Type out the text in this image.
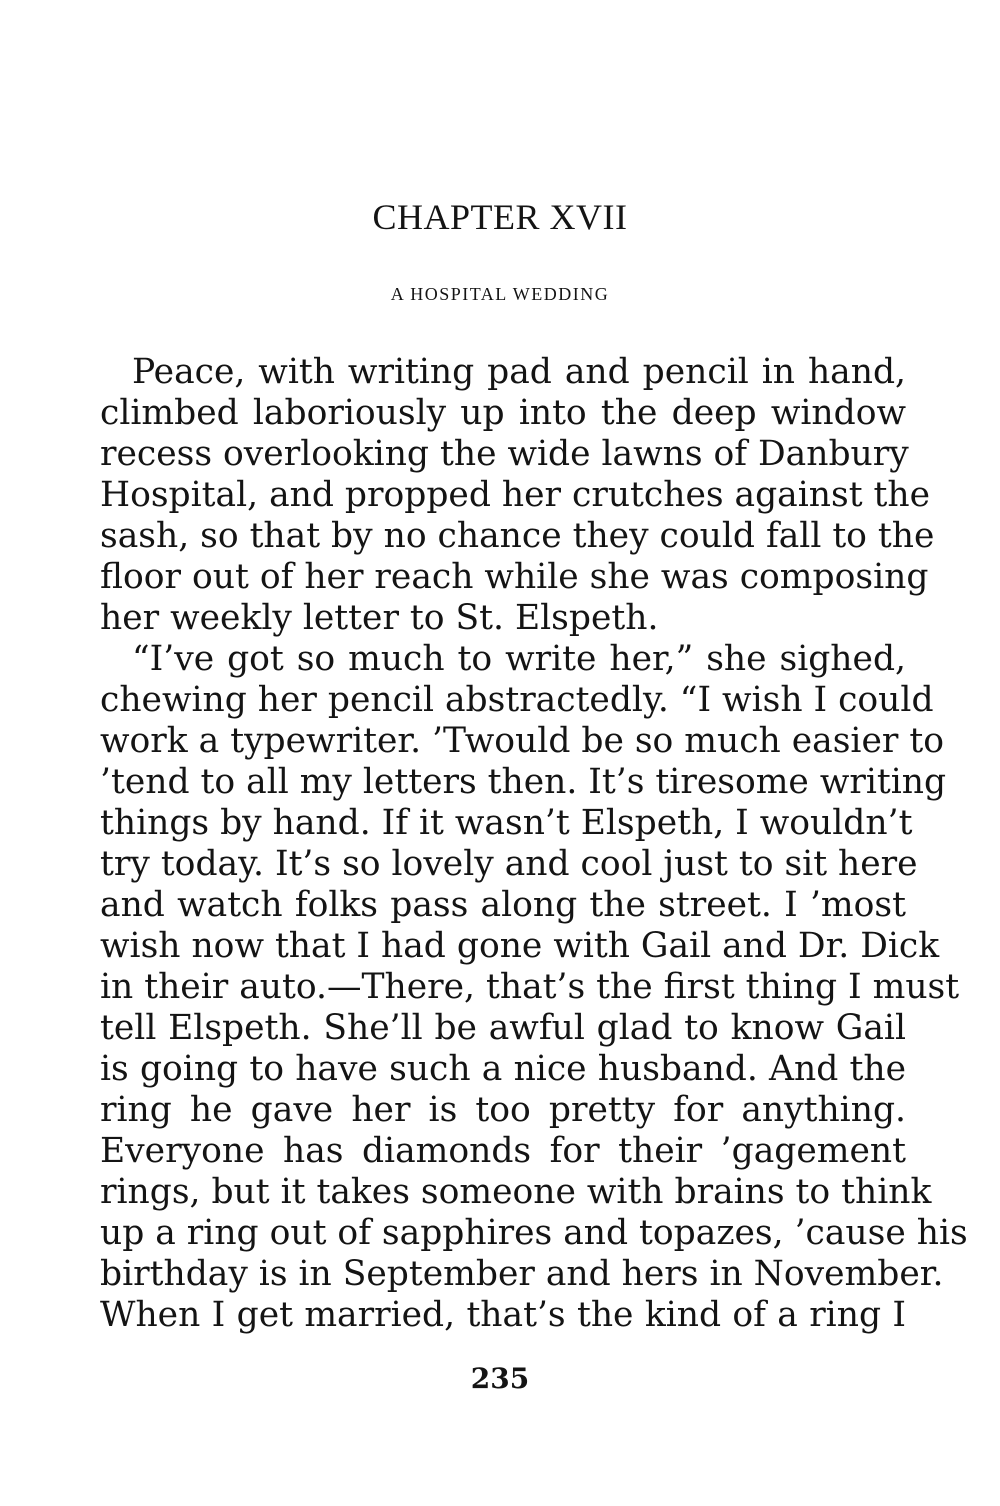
CHAPTER XVII
A HOSPITAL WEDDING
Peace, with writing pad and pencil in hand,
climbed laboriously up into the deep window
recess overlooking the wide lawns of Danbury
Hospital, and propped her crutches against the
sash, so that by no chance they could fall to the
floor out of her reach while she was composing
her weekly letter to St. Elspeth.
“I’ve got so much to write her,” she sighed,
chewing her pencil abstractedly. “I wish I could
work a typewriter. ’Twould be so much easier to
’tend to all my letters then. It’s tiresome writing
things by hand. If it wasn’t Elspeth, I wouldn’t
try today. It’s so lovely and cool just to sit here
and watch folks pass along the street. I ’most
wish now that I had gone with Gail and Dr. Dick
in their auto.—There, that’s the first thing I must
tell Elspeth. She’ll be awful glad to know Gail
is going to have such a nice husband. And the
ring he gave her is too pretty for anything.
Everyone has diamonds for their ’gagement
rings, but it takes someone with brains to think
up a ring out of sapphires and topazes, ’cause his
birthday is in September and hers in November.
When I get married, that’s the kind of a ring I
235
